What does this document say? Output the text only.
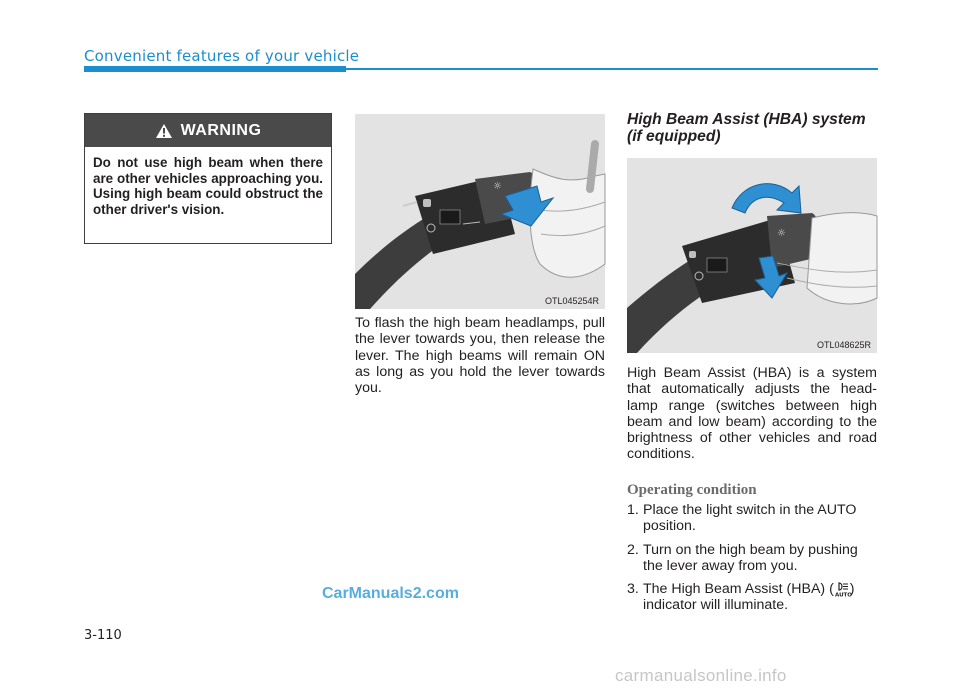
Convenient features of your vehicle
WARNING
Do not use high beam when there are other vehicles approaching you. Using high beam could obstruct the other driver's vision.
☼
OTL045254R
To flash the high beam headlamps, pull the lever towards you, then release the lever. The high beams will remain ON as long as you hold the lever towards you.
High Beam Assist (HBA) system
(if equipped)
☼
OTL048625R
High Beam Assist (HBA) is a system that automatically adjusts the head-lamp range (switches between high beam and low beam) according to the brightness of other vehicles and road conditions.
Operating condition
1. Place the light switch in the AUTO position.
2. Turn on the high beam by pushing the lever away from you.
3. The High Beam Assist (HBA) ( AUTO
) indicator will illuminate.
CarManuals2.com
carmanualsonline.info
3-110
